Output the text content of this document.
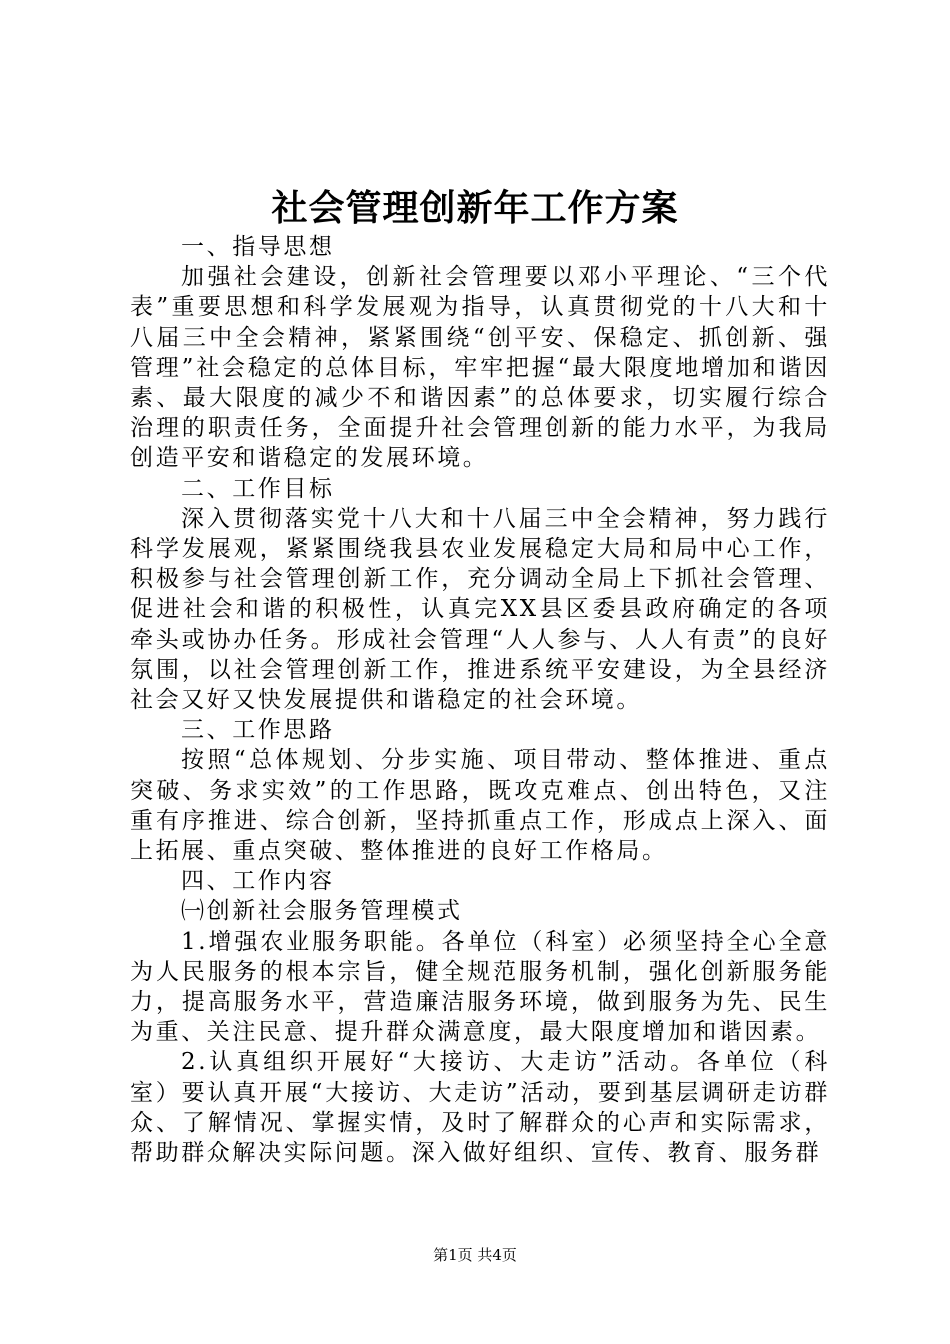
社会管理创新年工作方案

一、指导思想

加强社会建设，创新社会管理要以邓小平理论、“三个代表”重要思想和科学发展观为指导，认真贯彻党的十八大和十八届三中全会精神，紧紧围绕“创平安、保稳定、抓创新、强管理”社会稳定的总体目标，牢牢把握“最大限度地增加和谐因素、最大限度的减少不和谐因素”的总体要求，切实履行综合治理的职责任务，全面提升社会管理创新的能力水平，为我局创造平安和谐稳定的发展环境。

二、工作目标

深入贯彻落实党十八大和十八届三中全会精神，努力践行科学发展观，紧紧围绕我县农业发展稳定大局和局中心工作，积极参与社会管理创新工作，充分调动全局上下抓社会管理、促进社会和谐的积极性，认真完XX县区委县政府确定的各项牵头或协办任务。形成社会管理“人人参与、人人有责”的良好氛围，以社会管理创新工作，推进系统平安建设，为全县经济社会又好又快发展提供和谐稳定的社会环境。

三、工作思路

按照“总体规划、分步实施、项目带动、整体推进、重点突破、务求实效”的工作思路，既攻克难点、创出特色，又注重有序推进、综合创新，坚持抓重点工作，形成点上深入、面上拓展、重点突破、整体推进的良好工作格局。

四、工作内容

㈠创新社会服务管理模式

1.增强农业服务职能。各单位（科室）必须坚持全心全意为人民服务的根本宗旨，健全规范服务机制，强化创新服务能力，提高服务水平，营造廉洁服务环境，做到服务为先、民生为重、关注民意、提升群众满意度，最大限度增加和谐因素。

2.认真组织开展好“大接访、大走访”活动。各单位（科室）要认真开展“大接访、大走访”活动，要到基层调研走访群众、了解情况、掌握实情，及时了解群众的心声和实际需求，帮助群众解决实际问题。深入做好组织、宣传、教育、服务群

第1页 共4页
